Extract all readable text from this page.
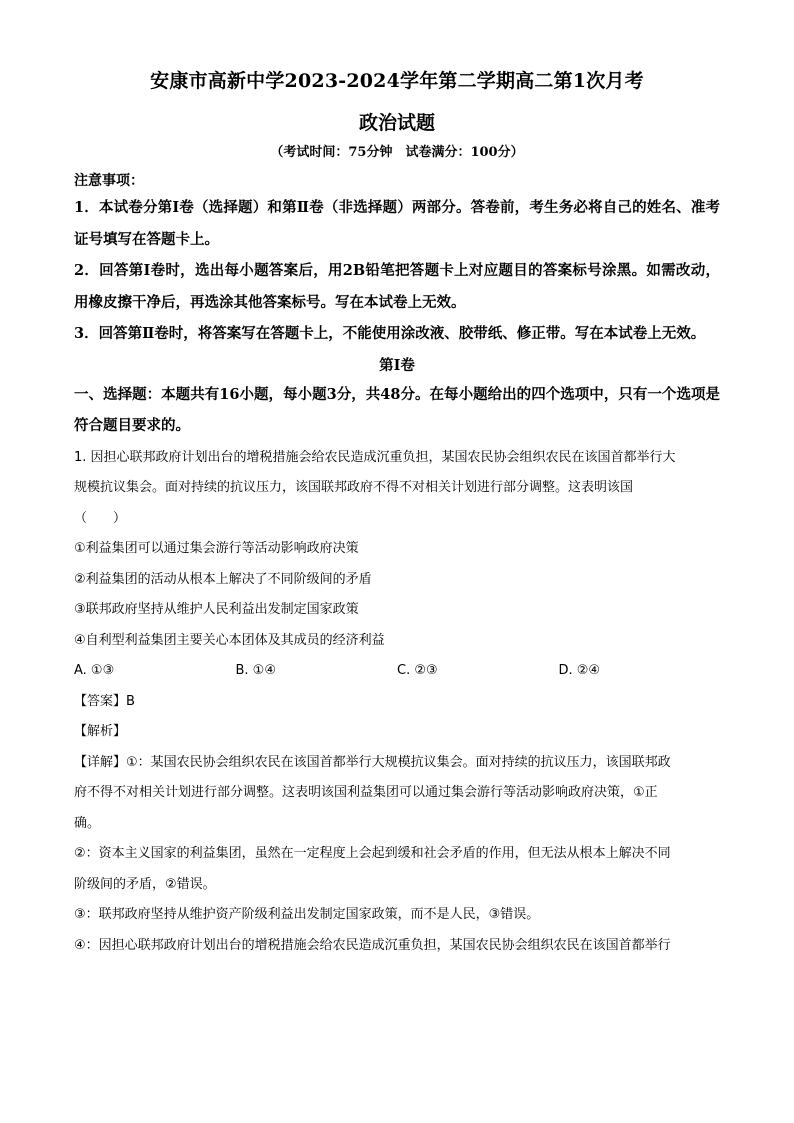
安康市高新中学2023-2024学年第二学期高二第1次月考
政治试题
（考试时间：75分钟　试卷满分：100分）
注意事项：

1．本试卷分第Ⅰ卷（选择题）和第Ⅱ卷（非选择题）两部分。答卷前，考生务必将自己的姓名、准考证号填写在答题卡上。

2．回答第Ⅰ卷时，选出每小题答案后，用2B铅笔把答题卡上对应题目的答案标号涂黑。如需改动，用橡皮擦干净后，再选涂其他答案标号。写在本试卷上无效。

3．回答第Ⅱ卷时，将答案写在答题卡上，不能使用涂改液、胶带纸、修正带。写在本试卷上无效。

第Ⅰ卷

一、选择题：本题共有16小题，每小题3分，共48分。在每小题给出的四个选项中，只有一个选项是符合题目要求的。

1. 因担心联邦政府计划出台的增税措施会给农民造成沉重负担，某国农民协会组织农民在该国首都举行大

规模抗议集会。面对持续的抗议压力，该国联邦政府不得不对相关计划进行部分调整。这表明该国

（　　）

①利益集团可以通过集会游行等活动影响政府决策

②利益集团的活动从根本上解决了不同阶级间的矛盾

③联邦政府坚持从维护人民利益出发制定国家政策

④自利型利益集团主要关心本团体及其成员的经济利益

A. ①③	B. ①④	C. ②③	D. ②④

【答案】B

【解析】

【详解】①：某国农民协会组织农民在该国首都举行大规模抗议集会。面对持续的抗议压力，该国联邦政

府不得不对相关计划进行部分调整。这表明该国利益集团可以通过集会游行等活动影响政府决策，①正

确。

②：资本主义国家的利益集团，虽然在一定程度上会起到缓和社会矛盾的作用，但无法从根本上解决不同

阶级间的矛盾，②错误。

③：联邦政府坚持从维护资产阶级利益出发制定国家政策，而不是人民，③错误。

④：因担心联邦政府计划出台的增税措施会给农民造成沉重负担，某国农民协会组织农民在该国首都举行
